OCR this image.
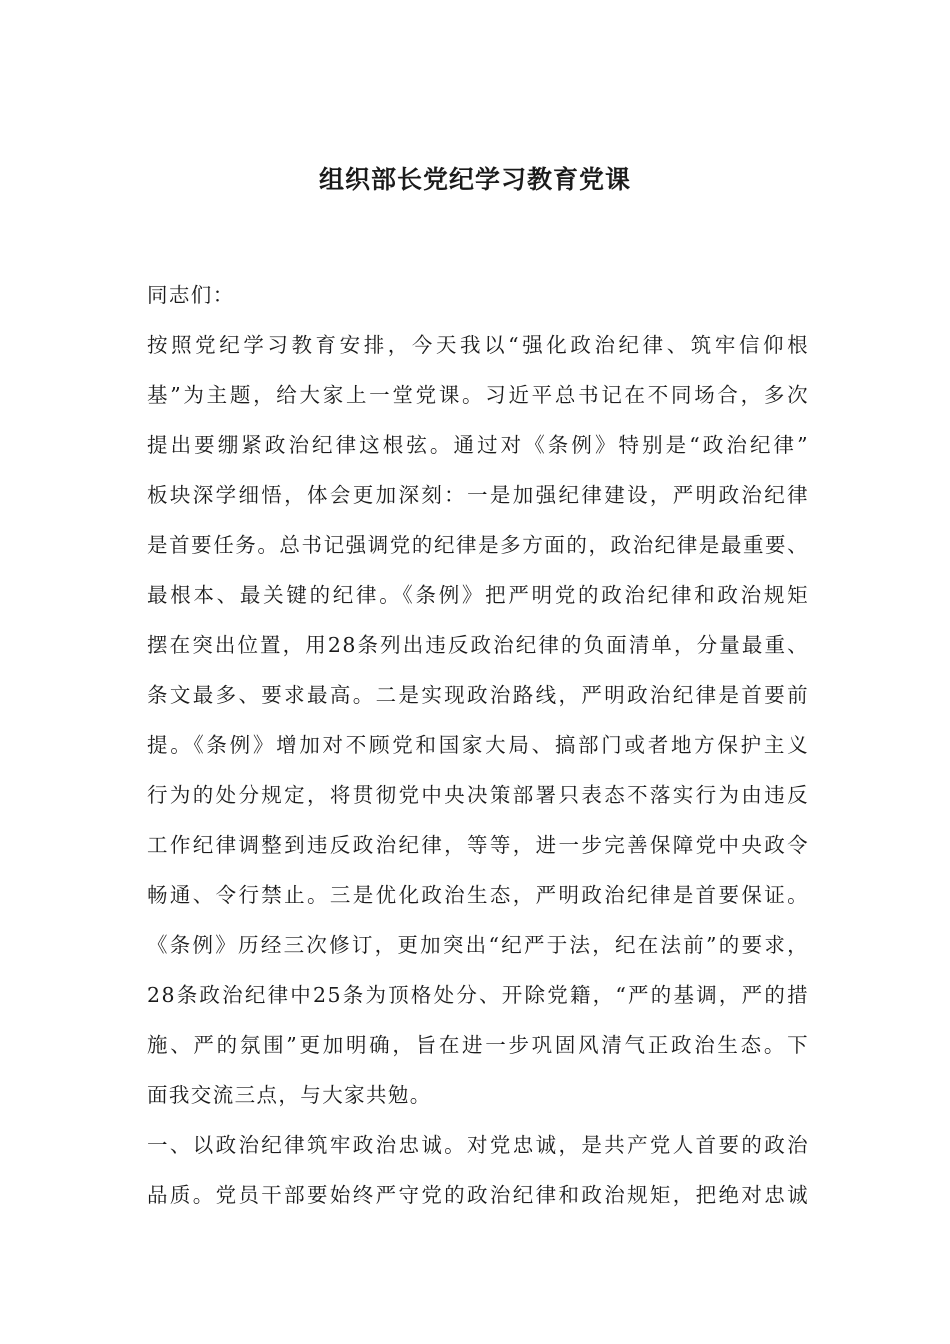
组织部长党纪学习教育党课
同志们：
按照党纪学习教育安排，今天我以“强化政治纪律、筑牢信仰根
基”为主题，给大家上一堂党课。习近平总书记在不同场合，多次
提出要绷紧政治纪律这根弦。通过对《条例》特别是“政治纪律”
板块深学细悟，体会更加深刻：一是加强纪律建设，严明政治纪律
是首要任务。总书记强调党的纪律是多方面的，政治纪律是最重要、
最根本、最关键的纪律。《条例》把严明党的政治纪律和政治规矩
摆在突出位置，用28条列出违反政治纪律的负面清单，分量最重、
条文最多、要求最高。二是实现政治路线，严明政治纪律是首要前
提。《条例》增加对不顾党和国家大局、搞部门或者地方保护主义
行为的处分规定，将贯彻党中央决策部署只表态不落实行为由违反
工作纪律调整到违反政治纪律，等等，进一步完善保障党中央政令
畅通、令行禁止。三是优化政治生态，严明政治纪律是首要保证。
《条例》历经三次修订，更加突出“纪严于法，纪在法前”的要求，
28条政治纪律中25条为顶格处分、开除党籍，“严的基调，严的措
施、严的氛围”更加明确，旨在进一步巩固风清气正政治生态。下
面我交流三点，与大家共勉。
一、以政治纪律筑牢政治忠诚。对党忠诚，是共产党人首要的政治
品质。党员干部要始终严守党的政治纪律和政治规矩，把绝对忠诚
